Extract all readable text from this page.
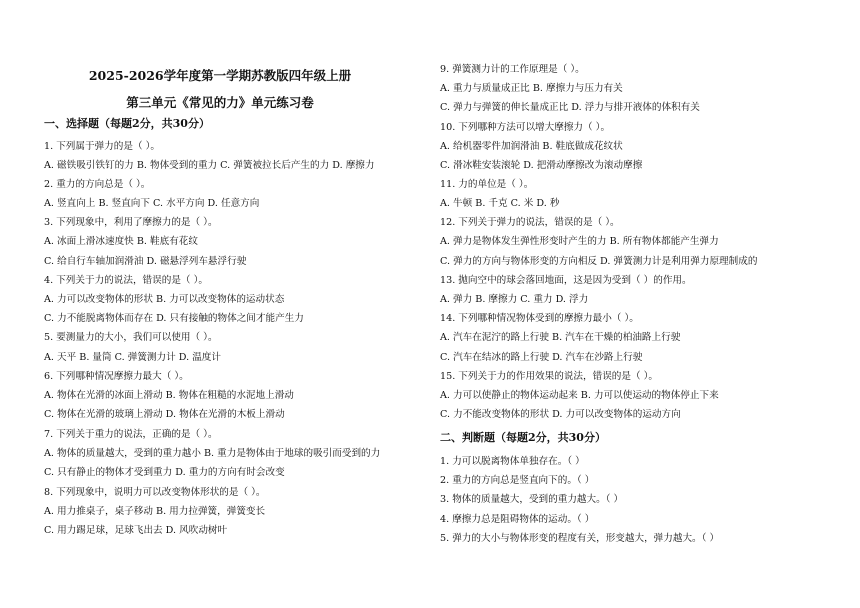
2025-2026学年度第一学期苏教版四年级上册
第三单元《常见的力》单元练习卷
一、选择题（每题2分，共30分）
1. 下列属于弹力的是（ ）。
A. 磁铁吸引铁钉的力 B. 物体受到的重力 C. 弹簧被拉长后产生的力 D. 摩擦力
2. 重力的方向总是（ ）。
A. 竖直向上 B. 竖直向下 C. 水平方向 D. 任意方向
3. 下列现象中，利用了摩擦力的是（ ）。
A. 冰面上滑冰速度快 B. 鞋底有花纹
C. 给自行车轴加润滑油 D. 磁悬浮列车悬浮行驶
4. 下列关于力的说法，错误的是（ ）。
A. 力可以改变物体的形状 B. 力可以改变物体的运动状态
C. 力不能脱离物体而存在 D. 只有接触的物体之间才能产生力
5. 要测量力的大小，我们可以使用（ ）。
A. 天平 B. 量筒 C. 弹簧测力计 D. 温度计
6. 下列哪种情况摩擦力最大（ ）。
A. 物体在光滑的冰面上滑动 B. 物体在粗糙的水泥地上滑动
C. 物体在光滑的玻璃上滑动 D. 物体在光滑的木板上滑动
7. 下列关于重力的说法，正确的是（ ）。
A. 物体的质量越大，受到的重力越小 B. 重力是物体由于地球的吸引而受到的力
C. 只有静止的物体才受到重力 D. 重力的方向有时会改变
8. 下列现象中，说明力可以改变物体形状的是（ ）。
A. 用力推桌子，桌子移动 B. 用力拉弹簧，弹簧变长
C. 用力踢足球，足球飞出去 D. 风吹动树叶
9. 弹簧测力计的工作原理是（ ）。
A. 重力与质量成正比 B. 摩擦力与压力有关
C. 弹力与弹簧的伸长量成正比 D. 浮力与排开液体的体积有关
10. 下列哪种方法可以增大摩擦力（ ）。
A. 给机器零件加润滑油 B. 鞋底做成花纹状
C. 滑冰鞋安装滚轮 D. 把滑动摩擦改为滚动摩擦
11. 力的单位是（ ）。
A. 牛顿 B. 千克 C. 米 D. 秒
12. 下列关于弹力的说法，错误的是（ ）。
A. 弹力是物体发生弹性形变时产生的力 B. 所有物体都能产生弹力
C. 弹力的方向与物体形变的方向相反 D. 弹簧测力计是利用弹力原理制成的
13. 抛向空中的球会落回地面，这是因为受到（ ）的作用。
A. 弹力 B. 摩擦力 C. 重力 D. 浮力
14. 下列哪种情况物体受到的摩擦力最小（ ）。
A. 汽车在泥泞的路上行驶 B. 汽车在干燥的柏油路上行驶
C. 汽车在结冰的路上行驶 D. 汽车在沙路上行驶
15. 下列关于力的作用效果的说法，错误的是（ ）。
A. 力可以使静止的物体运动起来 B. 力可以使运动的物体停止下来
C. 力不能改变物体的形状 D. 力可以改变物体的运动方向
二、判断题（每题2分，共30分）
1. 力可以脱离物体单独存在。（ ）
2. 重力的方向总是竖直向下的。（ ）
3. 物体的质量越大，受到的重力越大。（ ）
4. 摩擦力总是阻碍物体的运动。（ ）
5. 弹力的大小与物体形变的程度有关，形变越大，弹力越大。（ ）
